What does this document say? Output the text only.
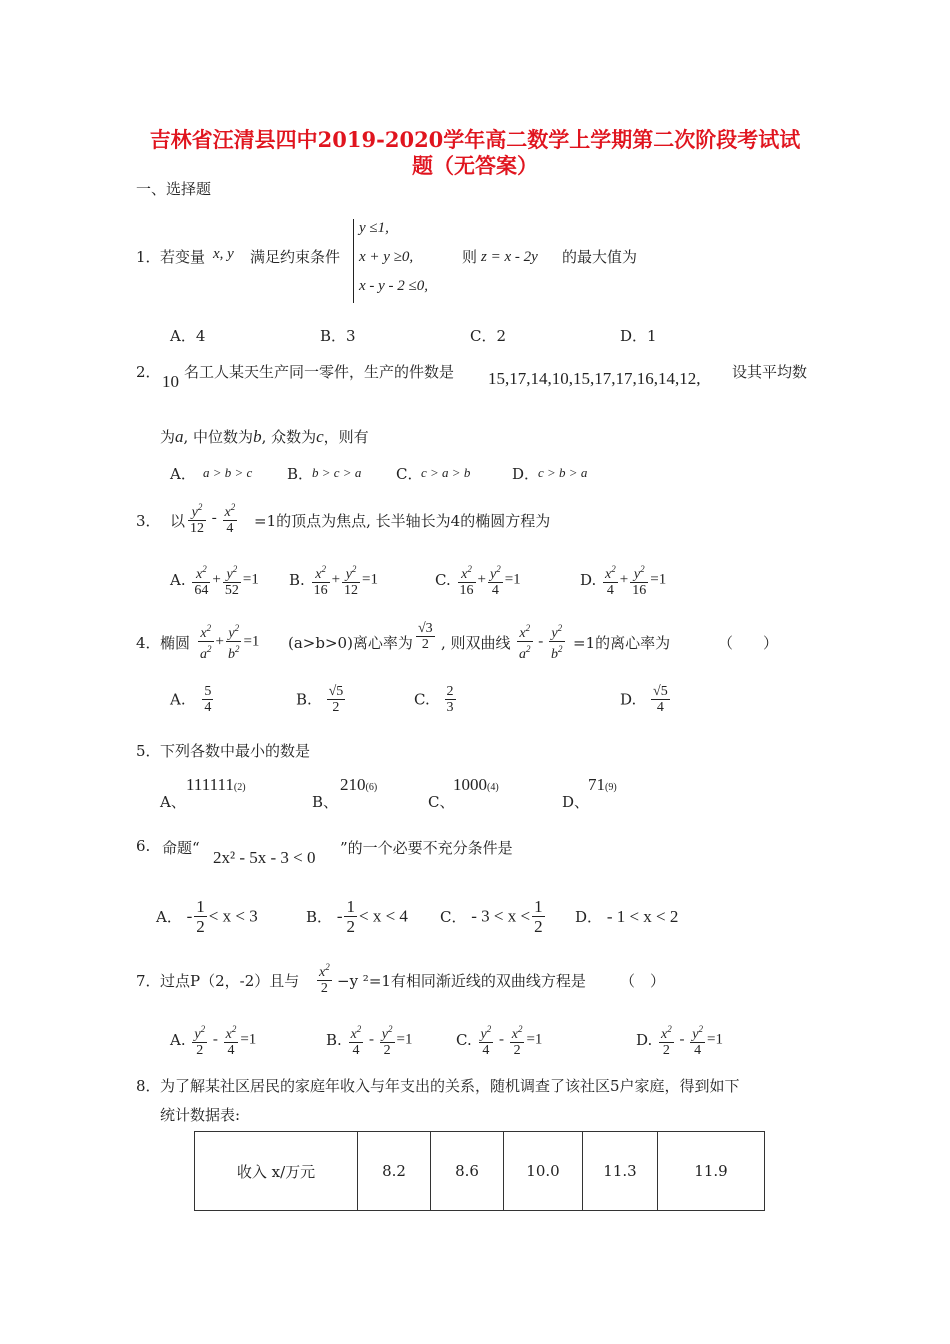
吉林省汪清县四中2019-2020学年高二数学上学期第二次阶段考试试
题（无答案）
一、选择题
1． 若变量 x, y 满足约束条件
y ≤1,
x + y ≥0,
x - y - 2 ≤0,
则 z = x - 2y 的最大值为
A．4	B．3	C．2	D．1
2． 10 名工人某天生产同一零件，生产的件数是 15,17,14,10,15,17,17,16,14,12, 设其平均数
为a, 中位数为b, 众数为c，则有
A． a > b > c B．
b > c > a C．
c > a > b	D．
c > b > a
3． 以 $\frac{y^2}{12} - \frac{x^2}{4} =1$的顶点为焦点, 长半轴长为4的椭圆方程为
A. $\frac{x^2}{64} + \frac{y^2}{52} =1$ B. $\frac{x^2}{16} + \frac{y^2}{12} =1$	C. $\frac{x^2}{16} + \frac{y^2}{4} =1$	D. $\frac{x^2}{4} + \frac{y^2}{16} =1$
4． 椭圆 $\frac{x^2}{a^2} + \frac{y^2}{b^2} =1$ (a>b>0)离心率为 $\frac{√3}{2}$ , 则双曲线 $\frac{x^2}{a^2} - \frac{y^2}{b^2} =1$的离心率为	（　　）
A. $\frac{5}{4}$	B. $\frac{√5}{2}$	C. $\frac{2}{3}$	D. $\frac{√5}{4}$
5． 下列各数中最小的数是
A、
111111(2)
B、
210(6)
C、
1000(4)
D、
71(9)
6. 命题“ 2x² - 5x - 3 < 0 ”的一个必要不充分条件是
A． - $\frac{1}{2} < x < 3$	B． - $\frac{1}{2} < x < 4$ C． - $3 < x < \frac{1}{2}$ D． - 1 < x < 2
7． 过点P（2，-2）且与 $\frac{x^2}{2} -y$ ²=1有相同渐近线的双曲线方程是 （　）
A. $\frac{y^2}{2} - \frac{x^2}{4} =1$	B. $\frac{x^2}{4} - \frac{y^2}{2} =1$	C. $\frac{y^2}{4} - \frac{x^2}{2} =1$	D. $\frac{x^2}{2} - \frac{y^2}{4} =1$
8． 为了解某社区居民的家庭年收入与年支出的关系，随机调查了该社区5户家庭，得到如下
统计数据表:
收入 x/万元	8.2	8.6	10.0	11.3	11.9
